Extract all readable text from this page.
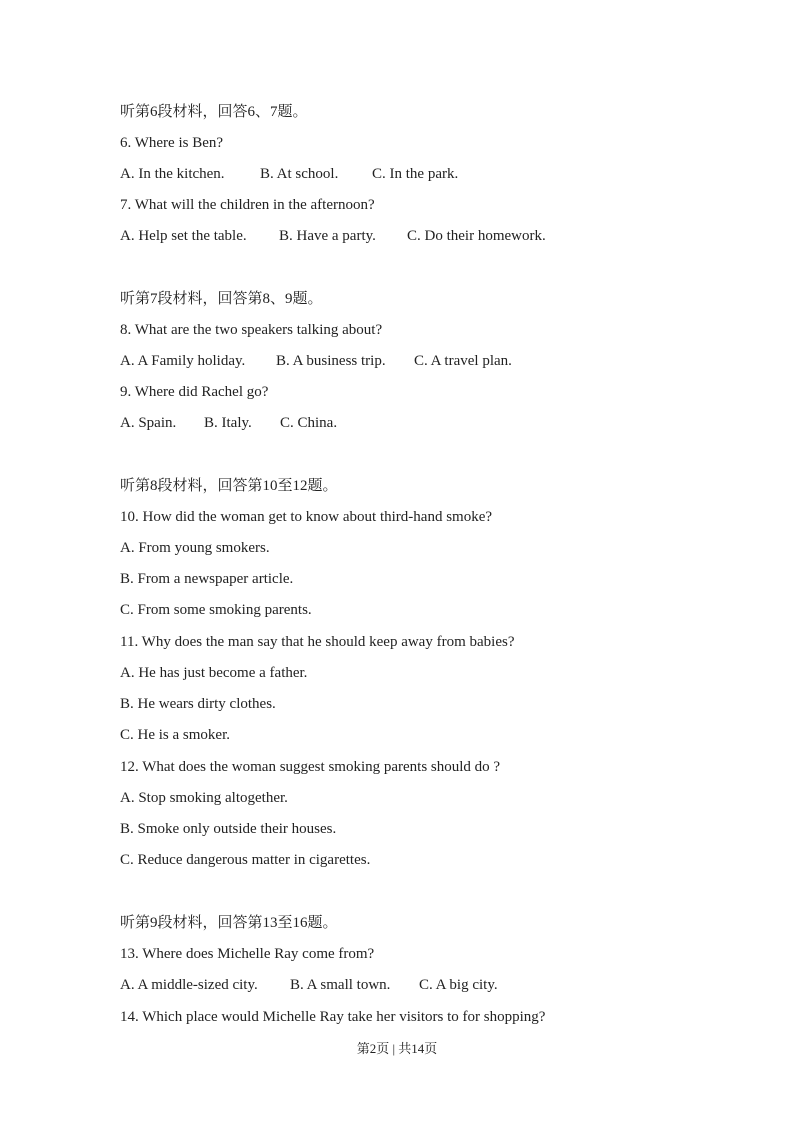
听第6段材料，回答6、7题。
6. Where is Ben?
A. In the kitchen. B. At school. C. In the park.
7. What will the children in the afternoon?
A. Help set the table. B. Have a party. C. Do their homework.
听第7段材料，回答第8、9题。
8. What are the two speakers talking about?
A. A Family holiday. B. A business trip. C. A travel plan.
9. Where did Rachel go?
A. Spain. B. Italy. C. China.
听第8段材料，回答第10至12题。
10. How did the woman get to know about third-hand smoke?
A. From young smokers.
B. From a newspaper article.
C. From some smoking parents.
11. Why does the man say that he should keep away from babies?
A. He has just become a father.
B. He wears dirty clothes.
C. He is a smoker.
12. What does the woman suggest smoking parents should do ?
A. Stop smoking altogether.
B. Smoke only outside their houses.
C. Reduce dangerous matter in cigarettes.
听第9段材料，回答第13至16题。
13. Where does Michelle Ray come from?
A. A middle-sized city. B. A small town. C. A big city.
14. Which place would Michelle Ray take her visitors to for shopping?
第2页 | 共14页
